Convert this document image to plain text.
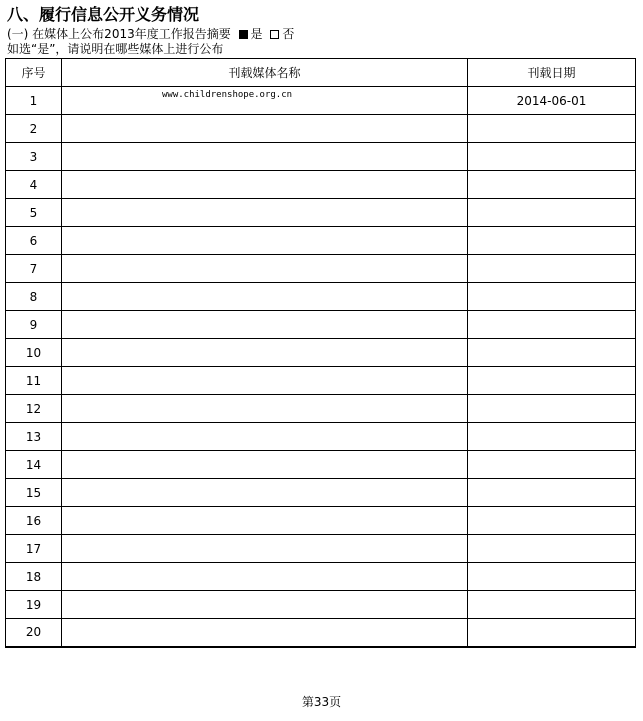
八、履行信息公开义务情况
(一) 在媒体上公布2013年度工作报告摘要 是 否
如选“是”，请说明在哪些媒体上进行公布
序号	刊载媒体名称	刊载日期
1	www.childrenshope.org.cn	2014-06-01
2		
3		
4		
5		
6		
7		
8		
9		
10		
11		
12		
13		
14		
15		
16		
17		
18		
19		
20		
第33页
